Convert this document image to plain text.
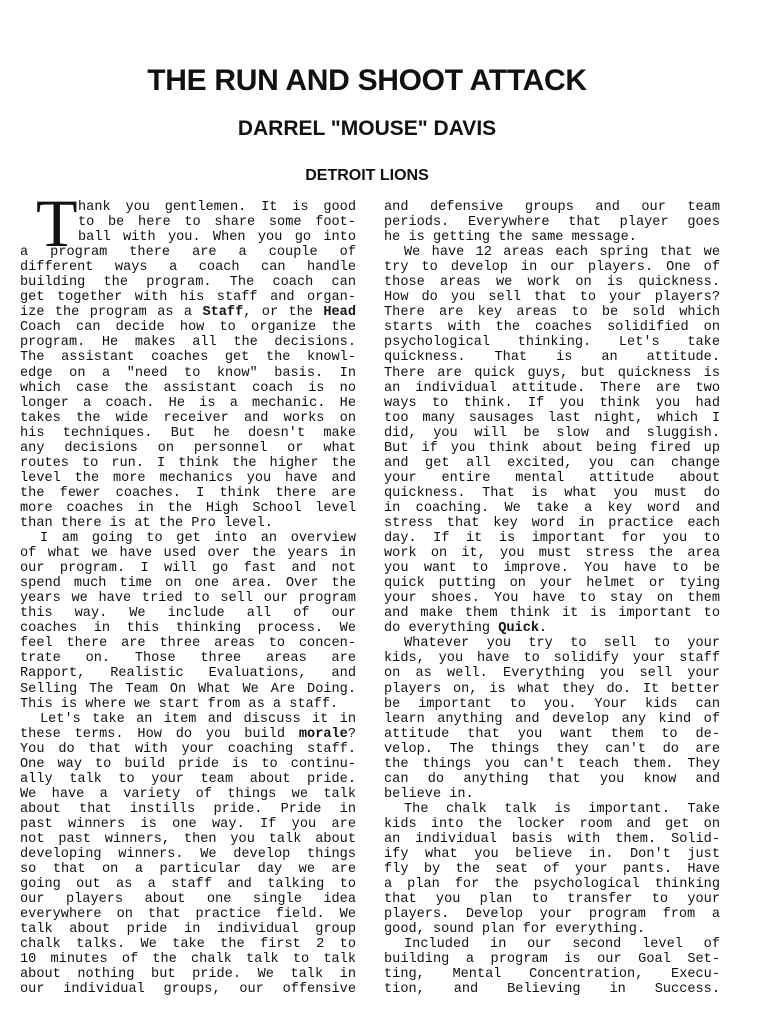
THE RUN AND SHOOT ATTACK
DARREL "MOUSE" DAVIS
DETROIT LIONS
T hank you gentlemen. It is good
to be here to share some foot-
ball with you. When you go into
a program there are a couple of
different ways a coach can handle
building the program. The coach can
get together with his staff and organ-
ize the program as a Staff, or the Head
Coach can decide how to organize the
program. He makes all the decisions.
The assistant coaches get the knowl-
edge on a "need to know" basis. In
which case the assistant coach is no
longer a coach. He is a mechanic. He
takes the wide receiver and works on
his techniques. But he doesn't make
any decisions on personnel or what
routes to run. I think the higher the
level the more mechanics you have and
the fewer coaches. I think there are
more coaches in the High School level
than there is at the Pro level.
I am going to get into an overview
of what we have used over the years in
our program. I will go fast and not
spend much time on one area. Over the
years we have tried to sell our program
this way. We include all of our
coaches in this thinking process. We
feel there are three areas to concen-
trate on. Those three areas are
Rapport, Realistic Evaluations, and
Selling The Team On What We Are Doing.
This is where we start from as a staff.
Let's take an item and discuss it in
these terms. How do you build morale?
You do that with your coaching staff.
One way to build pride is to continu-
ally talk to your team about pride.
We have a variety of things we talk
about that instills pride. Pride in
past winners is one way. If you are
not past winners, then you talk about
developing winners. We develop things
so that on a particular day we are
going out as a staff and talking to
our players about one single idea
everywhere on that practice field. We
talk about pride in individual group
chalk talks. We take the first 2 to
10 minutes of the chalk talk to talk
about nothing but pride. We talk in
our individual groups, our offensive
and defensive groups and our team
periods. Everywhere that player goes
he is getting the same message.
We have 12 areas each spring that we
try to develop in our players. One of
those areas we work on is quickness.
How do you sell that to your players?
There are key areas to be sold which
starts with the coaches solidified on
psychological thinking. Let's take
quickness. That is an attitude.
There are quick guys, but quickness is
an individual attitude. There are two
ways to think. If you think you had
too many sausages last night, which I
did, you will be slow and sluggish.
But if you think about being fired up
and get all excited, you can change
your entire mental attitude about
quickness. That is what you must do
in coaching. We take a key word and
stress that key word in practice each
day. If it is important for you to
work on it, you must stress the area
you want to improve. You have to be
quick putting on your helmet or tying
your shoes. You have to stay on them
and make them think it is important to
do everything Quick.
Whatever you try to sell to your
kids, you have to solidify your staff
on as well. Everything you sell your
players on, is what they do. It better
be important to you. Your kids can
learn anything and develop any kind of
attitude that you want them to de-
velop. The things they can't do are
the things you can't teach them. They
can do anything that you know and
believe in.
The chalk talk is important. Take
kids into the locker room and get on
an individual basis with them. Solid-
ify what you believe in. Don't just
fly by the seat of your pants. Have
a plan for the psychological thinking
that you plan to transfer to your
players. Develop your program from a
good, sound plan for everything.
Included in our second level of
building a program is our Goal Set-
ting, Mental Concentration, Execu-
tion, and Believing in Success.
